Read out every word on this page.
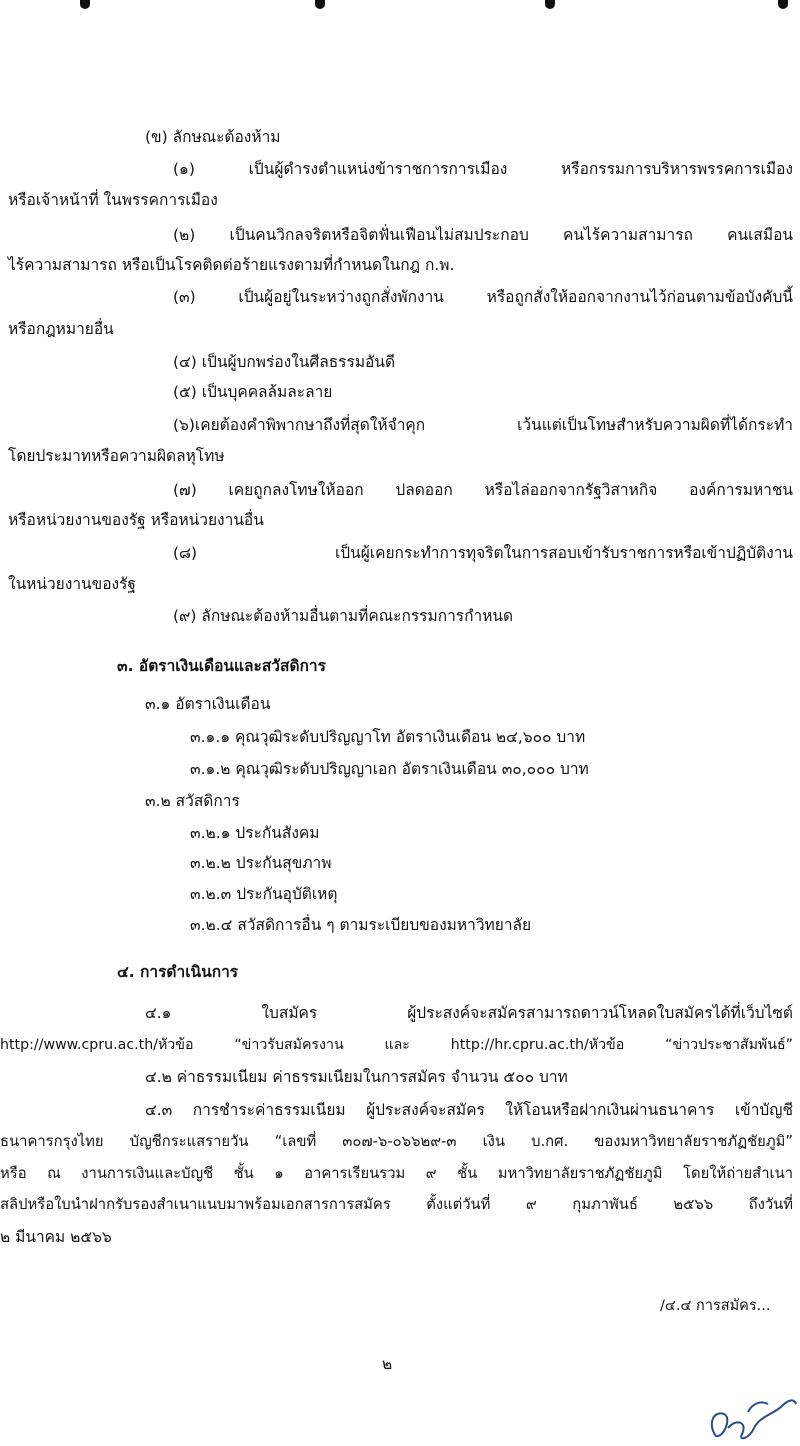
(ข) ลักษณะต้องห้าม
(๑) เป็นผู้ดำรงตำแหน่งข้าราชการการเมือง หรือกรรมการบริหารพรรคการเมือง
หรือเจ้าหน้าที่ ในพรรคการเมือง
(๒) เป็นคนวิกลจริตหรือจิตฟั่นเฟือนไม่สมประกอบ คนไร้ความสามารถ คนเสมือน
ไร้ความสามารถ หรือเป็นโรคติดต่อร้ายแรงตามที่กำหนดในกฎ ก.พ.
(๓) เป็นผู้อยู่ในระหว่างถูกสั่งพักงาน หรือถูกสั่งให้ออกจากงานไว้ก่อนตามข้อบังคับนี้
หรือกฎหมายอื่น
(๔) เป็นผู้บกพร่องในศีลธรรมอันดี
(๕) เป็นบุคคลล้มละลาย
(๖)เคยต้องคำพิพากษาถึงที่สุดให้จำคุก เว้นแต่เป็นโทษสำหรับความผิดที่ได้กระทำ
โดยประมาทหรือความผิดลหุโทษ
(๗) เคยถูกลงโทษให้ออก ปลดออก หรือไล่ออกจากรัฐวิสาหกิจ องค์การมหาชน
หรือหน่วยงานของรัฐ หรือหน่วยงานอื่น
(๘) เป็นผู้เคยกระทำการทุจริตในการสอบเข้ารับราชการหรือเข้าปฏิบัติงาน
ในหน่วยงานของรัฐ
(๙) ลักษณะต้องห้ามอื่นตามที่คณะกรรมการกำหนด
๓. อัตราเงินเดือนและสวัสดิการ
๓.๑ อัตราเงินเดือน
๓.๑.๑ คุณวุฒิระดับปริญญาโท อัตราเงินเดือน ๒๔,๖๐๐ บาท
๓.๑.๒ คุณวุฒิระดับปริญญาเอก อัตราเงินเดือน ๓๐,๐๐๐ บาท
๓.๒ สวัสดิการ
๓.๒.๑ ประกันสังคม
๓.๒.๒ ประกันสุขภาพ
๓.๒.๓ ประกันอุบัติเหตุ
๓.๒.๔ สวัสดิการอื่น ๆ ตามระเบียบของมหาวิทยาลัย
๔. การดำเนินการ
๔.๑ ใบสมัคร ผู้ประสงค์จะสมัครสามารถดาวน์โหลดใบสมัครได้ที่เว็บไซต์
http://www.cpru.ac.th/หัวข้อ “ข่าวรับสมัครงาน และ http://hr.cpru.ac.th/หัวข้อ “ข่าวประชาสัมพันธ์”
๔.๒ ค่าธรรมเนียม ค่าธรรมเนียมในการสมัคร จำนวน ๕๐๐ บาท
๔.๓ การชำระค่าธรรมเนียม ผู้ประสงค์จะสมัคร ให้โอนหรือฝากเงินผ่านธนาคาร เข้าบัญชี
ธนาคารกรุงไทย บัญชีกระแสรายวัน “เลขที่ ๓๐๗-๖-๐๖๖๒๙-๓ เงิน บ.กศ. ของมหาวิทยาลัยราชภัฏชัยภูมิ”
หรือ ณ งานการเงินและบัญชี ชั้น ๑ อาคารเรียนรวม ๙ ชั้น มหาวิทยาลัยราชภัฏชัยภูมิ โดยให้ถ่ายสำเนา
สลิปหรือใบนำฝากรับรองสำเนาแนบมาพร้อมเอกสารการสมัคร ตั้งแต่วันที่ ๙ กุมภาพันธ์ ๒๕๖๖ ถึงวันที่
๒ มีนาคม ๒๕๖๖
/๔.๔ การสมัคร...
๒
